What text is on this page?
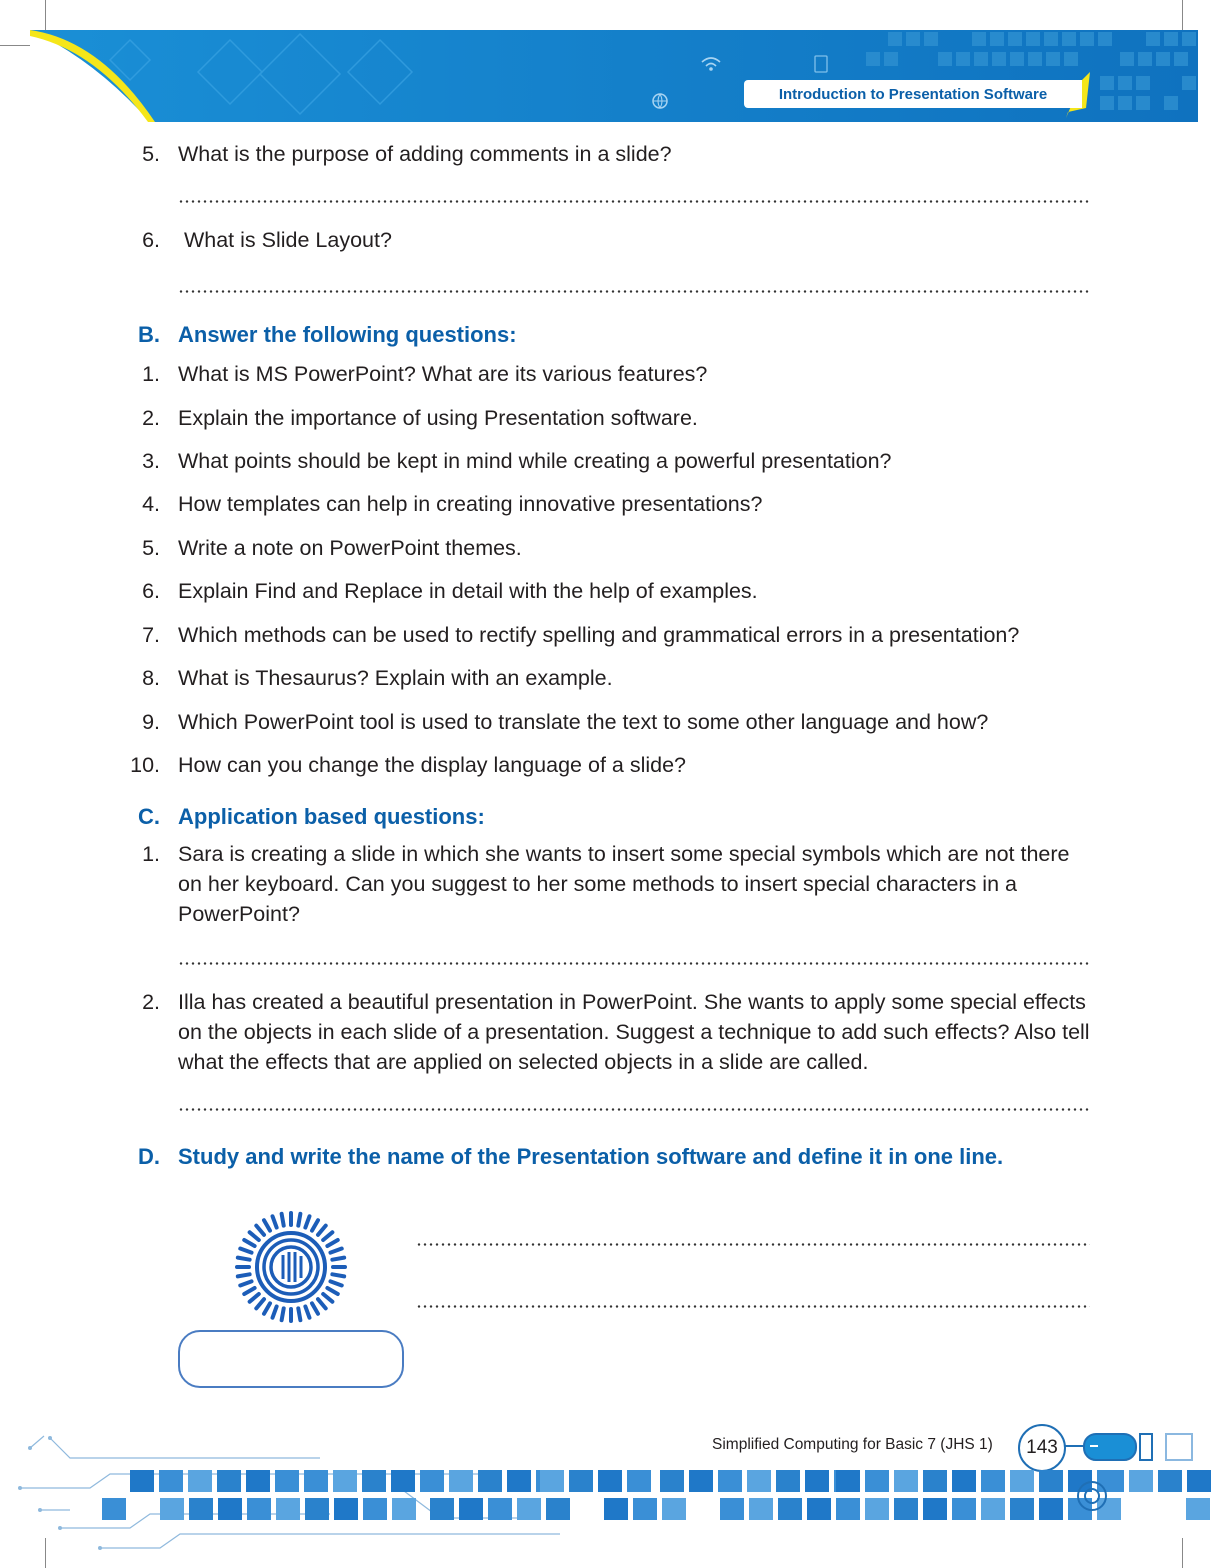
Introduction to Presentation Software
5. What is the purpose of adding comments in a slide?
6. What is Slide Layout?
B. Answer the following questions:
1. What is MS PowerPoint? What are its various features?
2. Explain the importance of using Presentation software.
3. What points should be kept in mind while creating a powerful presentation?
4. How templates can help in creating innovative presentations?
5. Write a note on PowerPoint themes.
6. Explain Find and Replace in detail with the help of examples.
7. Which methods can be used to rectify spelling and grammatical errors in a presentation?
8. What is Thesaurus? Explain with an example.
9. Which PowerPoint tool is used to translate the text to some other language and how?
10. How can you change the display language of a slide?
C. Application based questions:
1. Sara is creating a slide in which she wants to insert some special symbols which are not there on her keyboard. Can you suggest to her some methods to insert special characters in a PowerPoint?
2. Illa has created a beautiful presentation in PowerPoint. She wants to apply some special effects on the objects in each slide of a presentation. Suggest a technique to add such effects? Also tell what the effects that are applied on selected objects in a slide are called.
D. Study and write the name of the Presentation software and define it in one line.
Simplified Computing for Basic 7 (JHS 1)	143
